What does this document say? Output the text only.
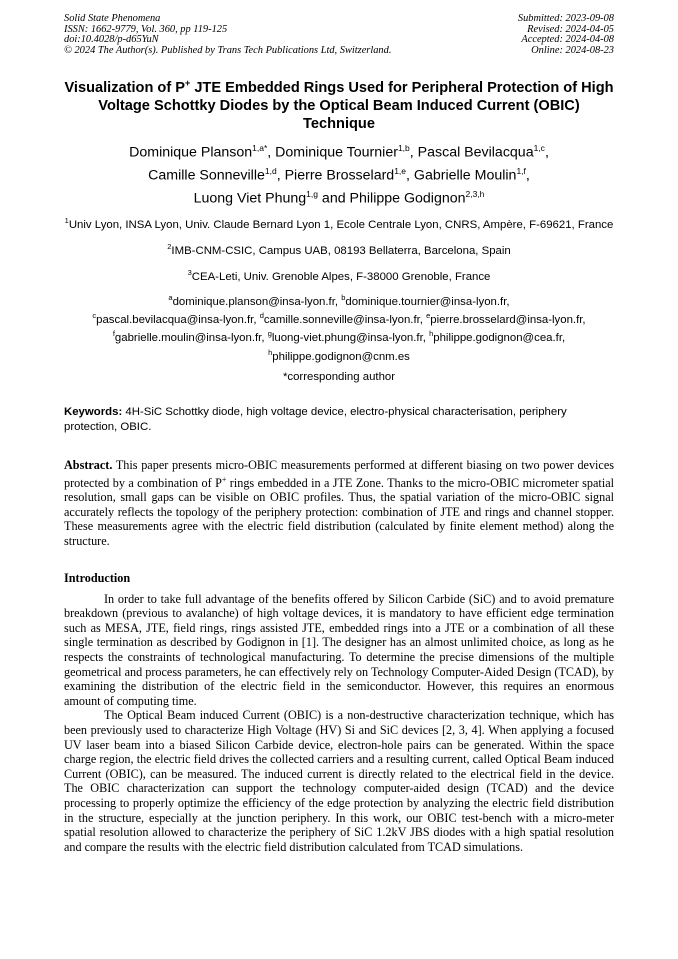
Solid State Phenomena
ISSN: 1662-9779, Vol. 360, pp 119-125
doi:10.4028/p-d65YuN
© 2024 The Author(s). Published by Trans Tech Publications Ltd, Switzerland.
Submitted: 2023-09-08
Revised: 2024-04-05
Accepted: 2024-04-08
Online: 2024-08-23
Visualization of P+ JTE Embedded Rings Used for Peripheral Protection of High Voltage Schottky Diodes by the Optical Beam Induced Current (OBIC) Technique
Dominique Planson$^{1,a*}$, Dominique Tournier$^{1,b}$, Pascal Bevilacqua$^{1,c}$,
Camille Sonneville$^{1,d}$, Pierre Brosselard$^{1,e}$, Gabrielle Moulin$^{1,f}$,
Luong Viet Phung$^{1,g}$ and Philippe Godignon$^{2,3,h}$
$^1$Univ Lyon, INSA Lyon, Univ. Claude Bernard Lyon 1, Ecole Centrale Lyon, CNRS, Ampère, F-69621, France
$^2$IMB-CNM-CSIC, Campus UAB, 08193 Bellaterra, Barcelona, Spain
$^3$CEA-Leti, Univ. Grenoble Alpes, F-38000 Grenoble, France
$^a$dominique.planson@insa-lyon.fr, $^b$dominique.tournier@insa-lyon.fr,
$^c$pascal.bevilacqua@insa-lyon.fr, $^d$camille.sonneville@insa-lyon.fr, $^e$pierre.brosselard@insa-lyon.fr,
$^f$gabrielle.moulin@insa-lyon.fr, $^g$luong-viet.phung@insa-lyon.fr, $^h$philippe.godignon@cea.fr,
$^h$philippe.godignon@cnm.es
*corresponding author
Keywords: 4H-SiC Schottky diode, high voltage device, electro-physical characterisation, periphery protection, OBIC.
Abstract. This paper presents micro-OBIC measurements performed at different biasing on two power devices protected by a combination of P+ rings embedded in a JTE Zone. Thanks to the micro-OBIC micrometer spatial resolution, small gaps can be visible on OBIC profiles. Thus, the spatial variation of the micro-OBIC signal accurately reflects the topology of the periphery protection: combination of JTE and rings and channel stopper. These measurements agree with the electric field distribution (calculated by finite element method) along the structure.
Introduction

In order to take full advantage of the benefits offered by Silicon Carbide (SiC) and to avoid premature breakdown (previous to avalanche) of high voltage devices, it is mandatory to have efficient edge termination such as MESA, JTE, field rings, rings assisted JTE, embedded rings into a JTE or a combination of all these single termination as described by Godignon in [1]. The designer has an almost unlimited choice, as long as he respects the constraints of technological manufacturing. To determine the precise dimensions of the multiple geometrical and process parameters, he can effectively rely on Technology Computer-Aided Design (TCAD), by examining the distribution of the electric field in the semiconductor. However, this requires an enormous amount of computing time.

The Optical Beam induced Current (OBIC) is a non-destructive characterization technique, which has been previously used to characterize High Voltage (HV) Si and SiC devices [2, 3, 4]. When applying a focused UV laser beam into a biased Silicon Carbide device, electron-hole pairs can be generated. Within the space charge region, the electric field drives the collected carriers and a resulting current, called Optical Beam induced Current (OBIC), can be measured. The induced current is directly related to the electrical field in the device. The OBIC characterization can support the technology computer-aided design (TCAD) and the device processing to properly optimize the efficiency of the edge protection by analyzing the electric field distribution in the structure, especially at the junction periphery. In this work, our OBIC test-bench with a micro-meter spatial resolution allowed to characterize the periphery of SiC 1.2kV JBS diodes with a high spatial resolution and compare the results with the electric field distribution calculated from TCAD simulations.
